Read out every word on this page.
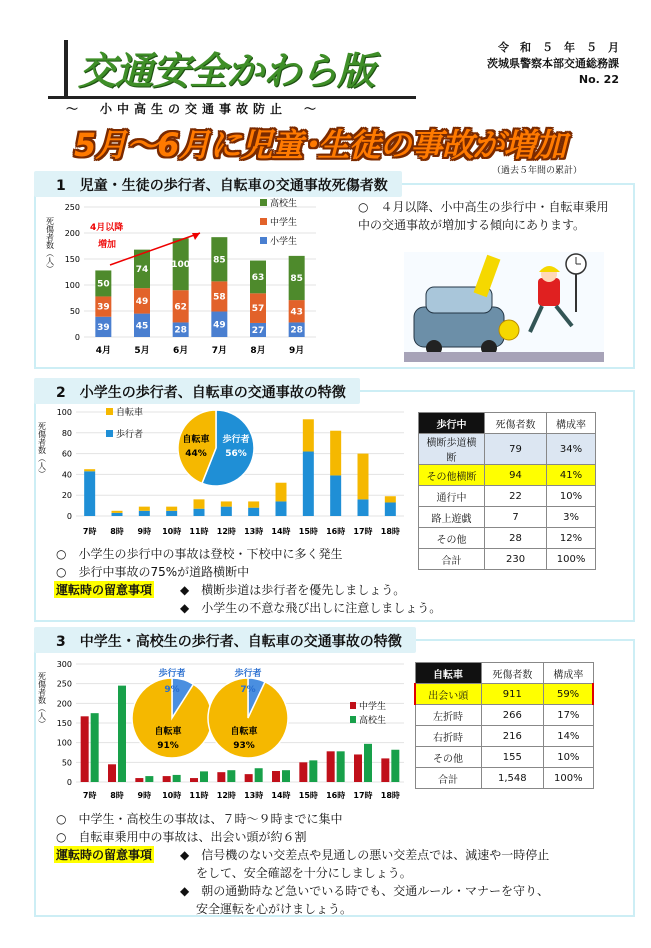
交通安全かわら版
～　小中高生の交通事故防止　～
令　和　５　年　５　月
茨城県警察本部交通総務課
No. 22
5月～6月に児童･生徒の事故が増加
（過去５年間の累計）
1　児童・生徒の歩行者、自転車の交通事故死傷者数
死傷者数（人）
0
50
100
150
200
250
39
39
50
45
49
74
28
62
100
49
58
85
27
57
63
28
43
85
4月	5月	6月	7月	8月	9月
4月以降
増加
高校生
中学生
小学生
○　４月以降、小中高生の歩行中・自転車乗用中の交通事故が増加する傾向にあります。
2　小学生の歩行者、自転車の交通事故の特徴
死傷者数（人）
0
20
40
60
80
100
7時 8時 9時 10時 11時 12時 13時 14時 15時 16時 17時 18時
自転車
歩行者	歩行者
56%
自転車
44%
歩行中	死傷者数	構成率
横断歩道横断	79	34%
その他横断	94	41%
通行中	22	10%
路上遊戯	7	3%
その他	28	12%
合計	230	100%
○　小学生の歩行中の事故は登校・下校中に多く発生
○　歩行中事故の75%が道路横断中
運転時の留意事項 ◆　横断歩道は歩行者を優先しましょう。
◆　小学生の不意な飛び出しに注意しましょう。
3　中学生・高校生の歩行者、自転車の交通事故の特徴
死傷者数（人）
0
50
100
150
200
250
300
7時 8時 9時 10時 11時 12時 13時 14時 15時 16時 17時 18時
中学生
高校生
歩行者
9%
自転車
91%
歩行者
7%
自転車
93%
自転車	死傷者数	構成率
出会い頭	911	59%
左折時	266	17%
右折時	216	14%
その他	155	10%
合計	1,548	100%
○　中学生・高校生の事故は、７時～９時までに集中
○　自転車乗用中の事故は、出会い頭が約６割
運転時の留意事項 ◆　信号機のない交差点や見通しの悪い交差点では、減速や一時停止
をして、安全確認を十分にしましょう。
◆　朝の通勤時など急いでいる時でも、交通ルール・マナーを守り、
安全運転を心がけましょう。
